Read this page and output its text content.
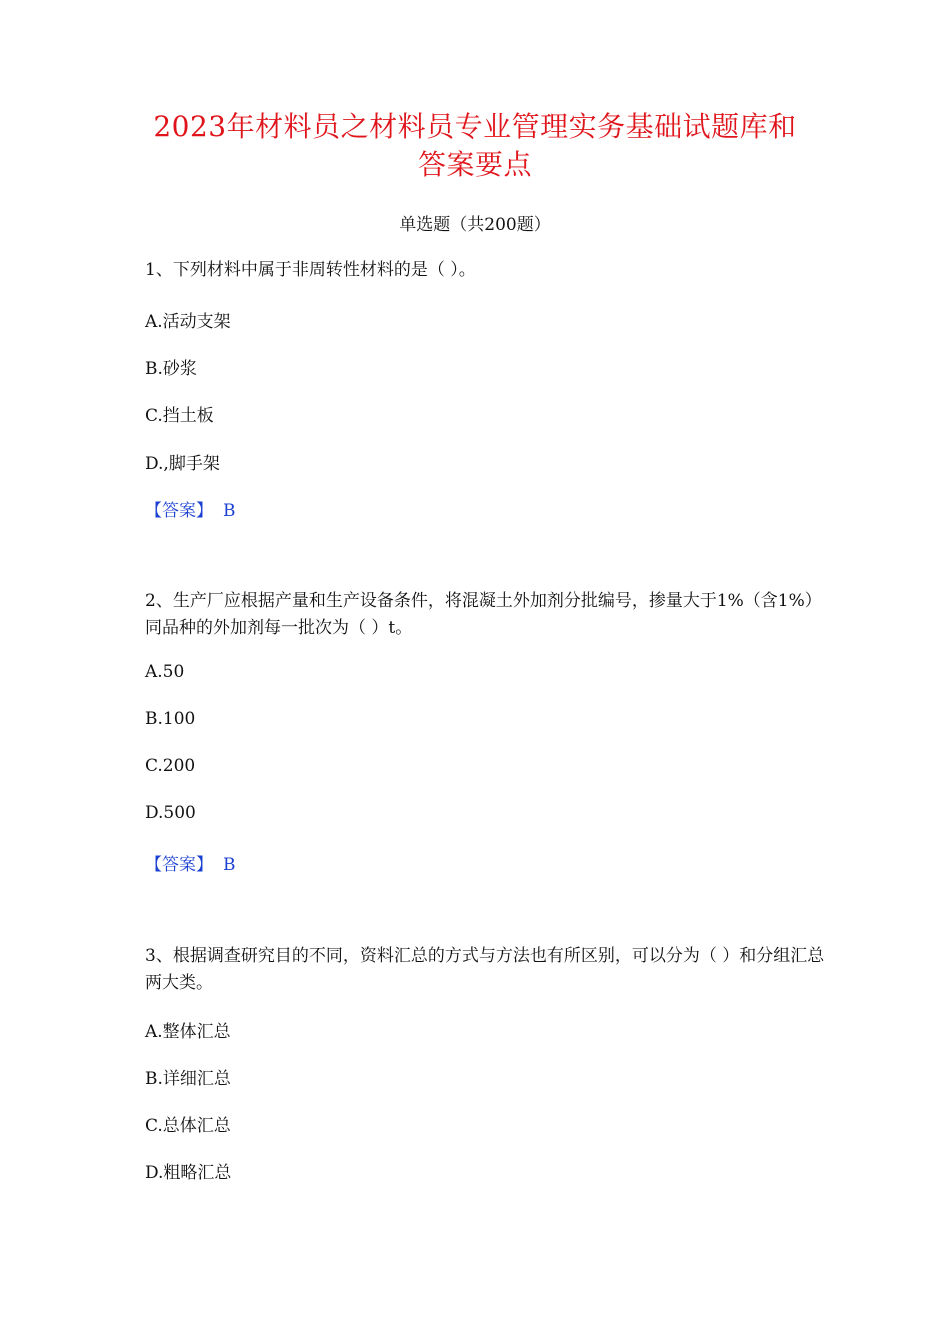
2023年材料员之材料员专业管理实务基础试题库和
答案要点
单选题（共200题）
1、下列材料中属于非周转性材料的是（ ）。
A.活动支架
B.砂浆
C.挡土板
D.,脚手架
【答案】 B
2、生产厂应根据产量和生产设备条件，将混凝土外加剂分批编号，掺量大于1%（含1%）同品种的外加剂每一批次为（ ）t。
A.50
B.100
C.200
D.500
【答案】 B
3、根据调查研究目的不同，资料汇总的方式与方法也有所区别，可以分为（ ）和分组汇总两大类。
A.整体汇总
B.详细汇总
C.总体汇总
D.粗略汇总
